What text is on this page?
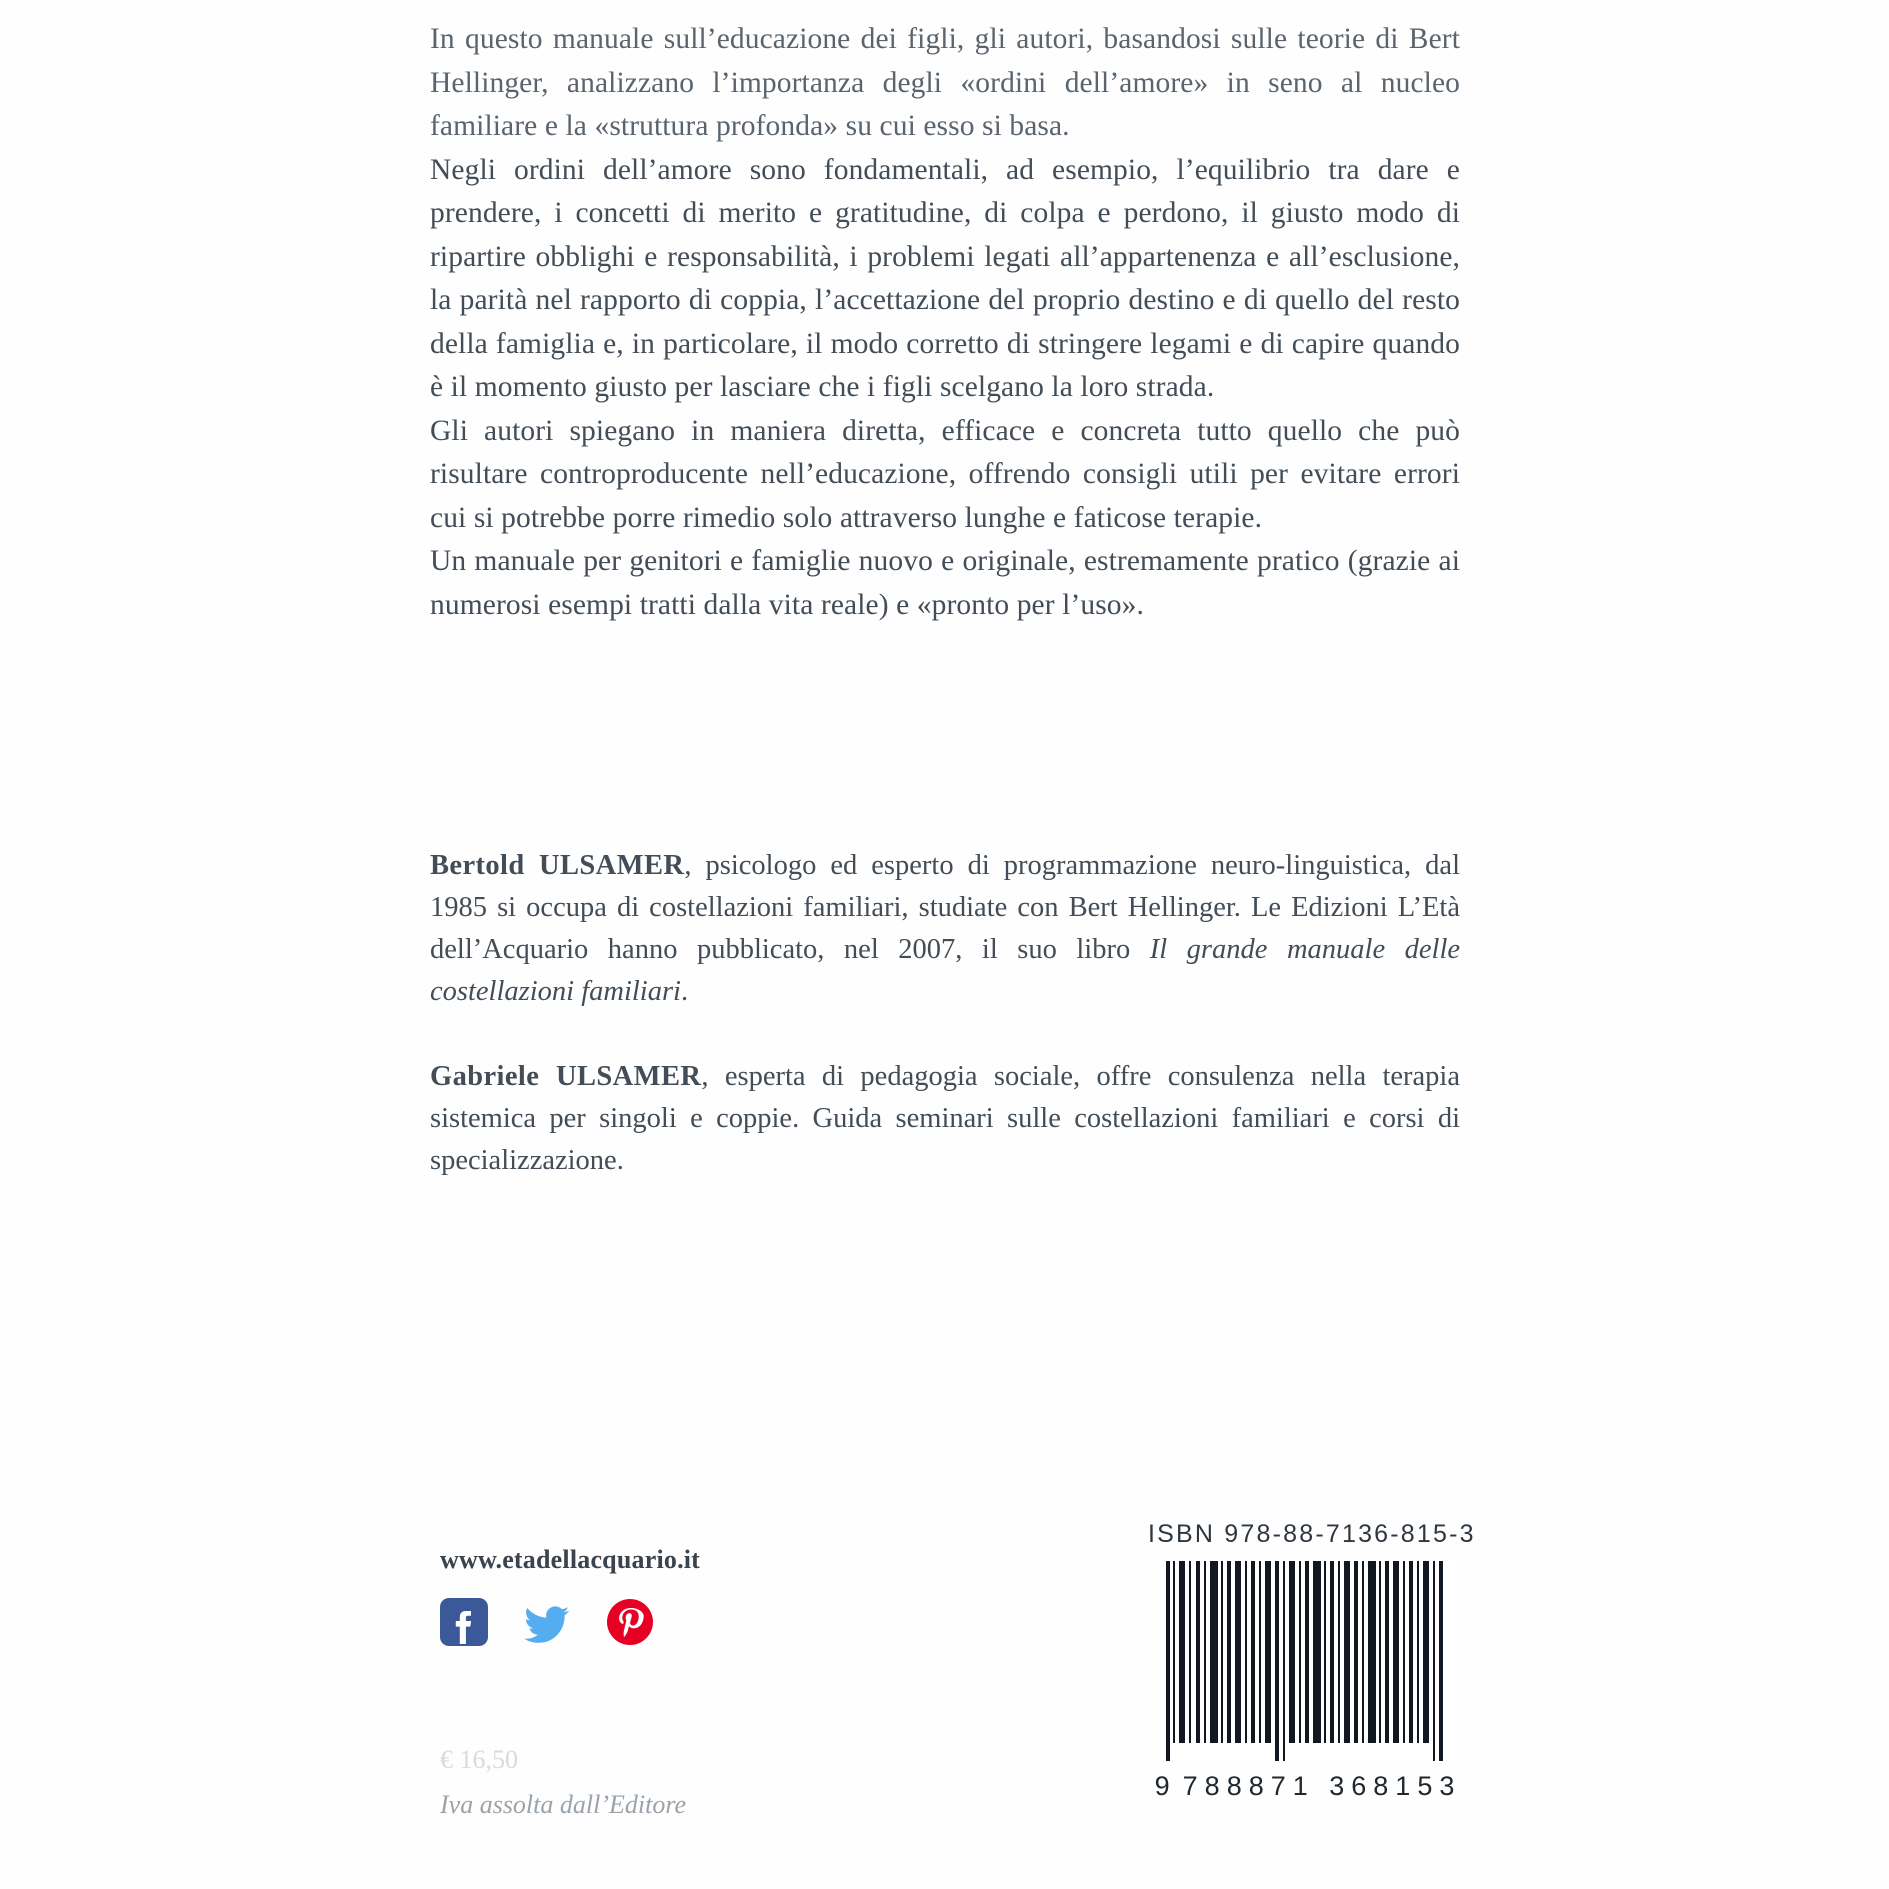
In questo manuale sull’educazione dei figli, gli autori, basandosi sulle teorie di Bert Hellinger, analizzano l’importanza degli «ordini dell’amore» in seno al nucleo familiare e la «struttura profonda» su cui esso si basa.

Negli ordini dell’amore sono fondamentali, ad esempio, l’equilibrio tra dare e prendere, i concetti di merito e gratitudine, di colpa e perdono, il giusto modo di ripartire obblighi e responsabilità, i problemi legati all’appartenenza e all’esclusione, la parità nel rapporto di coppia, l’accettazione del proprio destino e di quello del resto della famiglia e, in particolare, il modo corretto di stringere legami e di capire quando è il momento giusto per lasciare che i figli scelgano la loro strada.

Gli autori spiegano in maniera diretta, efficace e concreta tutto quello che può risultare controproducente nell’educazione, offrendo consigli utili per evitare errori cui si potrebbe porre rimedio solo attraverso lunghe e faticose terapie.

Un manuale per genitori e famiglie nuovo e originale, estremamente pratico (grazie ai numerosi esempi tratti dalla vita reale) e «pronto per l’uso».

Bertold ULSAMER, psicologo ed esperto di programmazione neuro-linguistica, dal 1985 si occupa di costellazioni familiari, studiate con Bert Hellinger. Le Edizioni L’Età dell’Acquario hanno pubblicato, nel 2007, il suo libro Il grande manuale delle costellazioni familiari.

Gabriele ULSAMER, esperta di pedagogia sociale, offre consulenza nella terapia sistemica per singoli e coppie. Guida seminari sulle costellazioni familiari e corsi di specializzazione.

www.etadellacquario.it
€ 16,50
Iva assolta dall’Editore
ISBN 978-88-7136-815-3
9 788871 368153
